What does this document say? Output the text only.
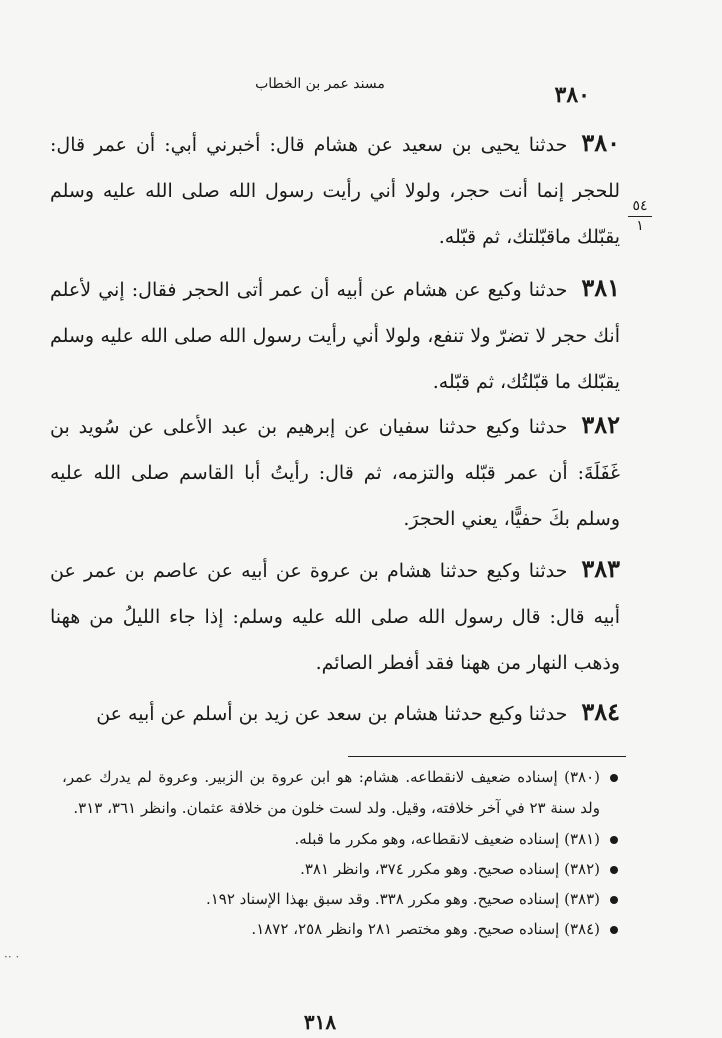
٣٨٠
مسند عمر بن الخطاب
٥٤
١
٣٨٠حدثنا يحيى بن سعيد عن هشام قال: أخبرني أبي: أن عمر قال: للحجر إنما أنت حجر، ولولا أني رأيت رسول الله صلى الله عليه وسلم يقبّلك ماقبّلتك، ثم قبّله.
٣٨١حدثنا وكيع عن هشام عن أبيه أن عمر أتى الحجر فقال: إني لأعلم أنك حجر لا تضرّ ولا تنفع، ولولا أني رأيت رسول الله صلى الله عليه وسلم يقبّلك ما قبّلتُك، ثم قبّله.
٣٨٢حدثنا وكيع حدثنا سفيان عن إبرهيم بن عبد الأعلى عن سُويد بن غَفَلَةَ: أن عمر قبّله والتزمه، ثم قال: رأيتُ أبا القاسم صلى الله عليه وسلم بكَ حفيًّا، يعني الحجرَ.
٣٨٣حدثنا وكيع حدثنا هشام بن عروة عن أبيه عن عاصم بن عمر عن أبيه قال: قال رسول الله صلى الله عليه وسلم: إذا جاء الليلُ من ههنا وذهب النهار من ههنا فقد أفطر الصائم.
٣٨٤حدثنا وكيع حدثنا هشام بن سعد عن زيد بن أسلم عن أبيه عن
(٣٨٠) إسناده ضعيف لانقطاعه. هشام: هو ابن عروة بن الزبير. وعروة لم يدرك عمر، ولد سنة ٢٣ في آخر خلافته، وقيل. ولد لست خلون من خلافة عثمان. وانظر ٣٦١، ٣١٣.
(٣٨١) إسناده ضعيف لانقطاعه، وهو مكرر ما قبله.
(٣٨٢) إسناده صحيح. وهو مكرر ٣٧٤، وانظر ٣٨١.
(٣٨٣) إسناده صحيح. وهو مكرر ٣٣٨. وقد سبق بهذا الإسناد ١٩٢.
(٣٨٤) إسناده صحيح. وهو مختصر ٢٨١ وانظر ٢٥٨، ١٨٧٢.
·· ·
٣١٨
